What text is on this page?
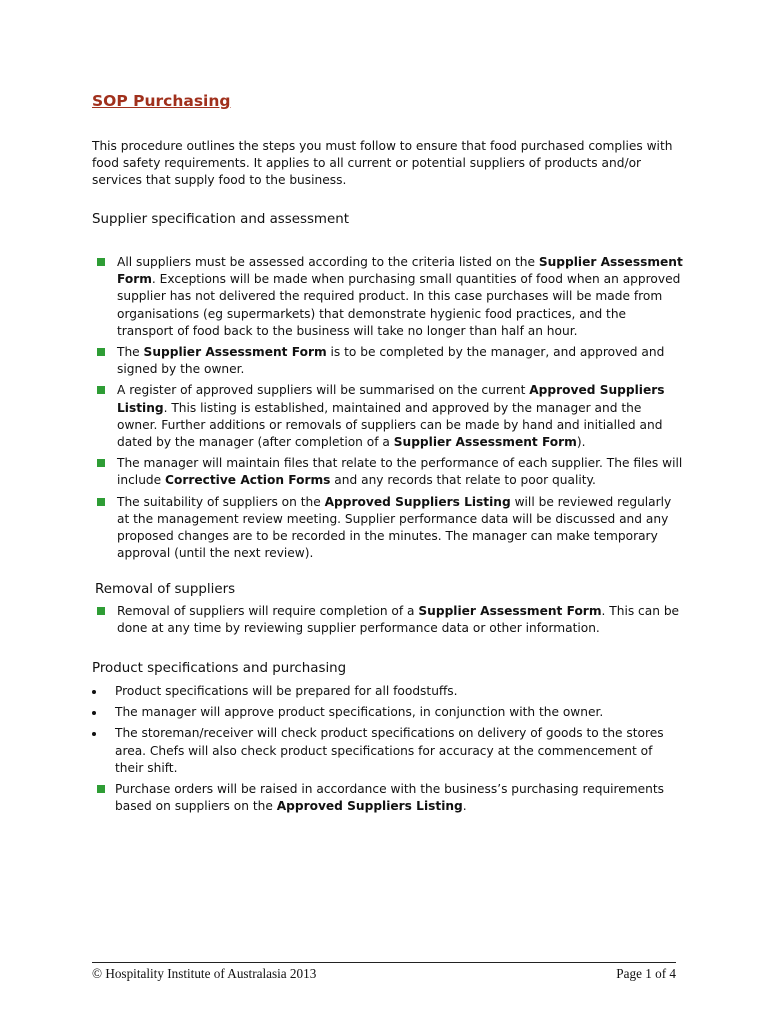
SOP Purchasing

This procedure outlines the steps you must follow to ensure that food purchased complies with food safety requirements. It applies to all current or potential suppliers of products and/or services that supply food to the business.

Supplier specification and assessment
All suppliers must be assessed according to the criteria listed on the Supplier Assessment Form. Exceptions will be made when purchasing small quantities of food when an approved supplier has not delivered the required product. In this case purchases will be made from organisations (eg supermarkets) that demonstrate hygienic food practices, and the transport of food back to the business will take no longer than half an hour.
The Supplier Assessment Form is to be completed by the manager, and approved and signed by the owner.
A register of approved suppliers will be summarised on the current Approved Suppliers Listing. This listing is established, maintained and approved by the manager and the owner. Further additions or removals of suppliers can be made by hand and initialled and dated by the manager (after completion of a Supplier Assessment Form).
The manager will maintain files that relate to the performance of each supplier. The files will include Corrective Action Forms and any records that relate to poor quality.
The suitability of suppliers on the Approved Suppliers Listing will be reviewed regularly at the management review meeting. Supplier performance data will be discussed and any proposed changes are to be recorded in the minutes. The manager can make temporary approval (until the next review).
Removal of suppliers
Removal of suppliers will require completion of a Supplier Assessment Form. This can be done at any time by reviewing supplier performance data or other information.
Product specifications and purchasing
Product specifications will be prepared for all foodstuffs.
The manager will approve product specifications, in conjunction with the owner.
The storeman/receiver will check product specifications on delivery of goods to the stores area. Chefs will also check product specifications for accuracy at the commencement of their shift.
Purchase orders will be raised in accordance with the business’s purchasing requirements based on suppliers on the Approved Suppliers Listing.
© Hospitality Institute of Australasia 2013	Page 1 of 4
